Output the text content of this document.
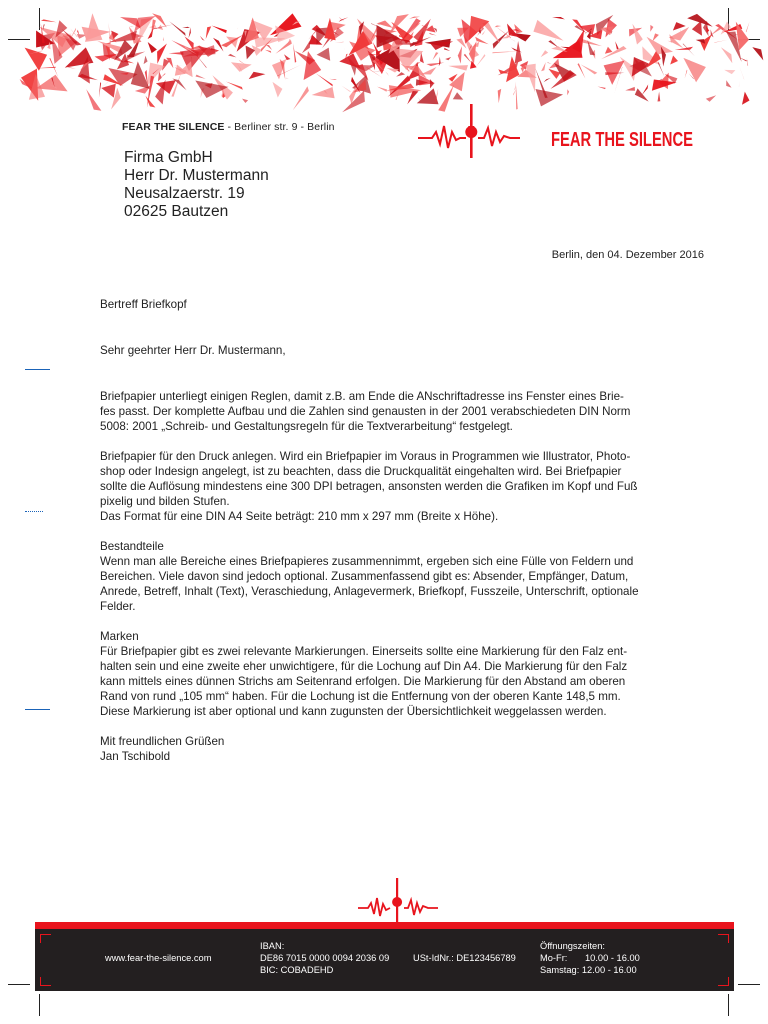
FEAR THE SILENCE - Berliner str. 9 - Berlin
FEAR THE SILENCE
Firma GmbH
Herr Dr. Mustermann
Neusalzaerstr. 19
02625 Bautzen
Berlin, den 04. Dezember 2016

Bertreff Briefkopf

Sehr geehrter Herr Dr. Mustermann,

Briefpapier unterliegt einigen Reglen, damit z.B. am Ende die ANschriftadresse ins Fenster eines Brie-

fes passt. Der komplette Aufbau und die Zahlen sind genausten in der 2001 verabschiedeten DIN Norm

5008: 2001 „Schreib- und Gestaltungsregeln für die Textverarbeitung“ festgelegt.

Briefpapier für den Druck anlegen. Wird ein Briefpapier im Voraus in Programmen wie Illustrator, Photo-

shop oder Indesign angelegt, ist zu beachten, dass die Druckqualität eingehalten wird. Bei Briefpapier

sollte die Auflösung mindestens eine 300 DPI betragen, ansonsten werden die Grafiken im Kopf und Fuß

pixelig und bilden Stufen.

Das Format für eine DIN A4 Seite beträgt: 210 mm x 297 mm (Breite x Höhe).

Bestandteile

Wenn man alle Bereiche eines Briefpapieres zusammennimmt, ergeben sich eine Fülle von Feldern und

Bereichen. Viele davon sind jedoch optional. Zusammenfassend gibt es: Absender, Empfänger, Datum,

Anrede, Betreff, Inhalt (Text), Veraschiedung, Anlagevermerk, Briefkopf, Fusszeile, Unterschrift, optionale

Felder.

Marken

Für Briefpapier gibt es zwei relevante Markierungen. Einerseits sollte eine Markierung für den Falz ent-

halten sein und eine zweite eher unwichtigere, für die Lochung auf Din A4. Die Markierung für den Falz

kann mittels eines dünnen Strichs am Seitenrand erfolgen. Die Markierung für den Abstand am oberen

Rand von rund „105 mm“ haben. Für die Lochung ist die Entfernung von der oberen Kante 148,5 mm.

Diese Markierung ist aber optional und kann zugunsten der Übersichtlichkeit weggelassen werden.

Mit freundlichen Grüßen

Jan Tschibold

www.fear-the-silence.com
IBAN:
DE86 7015 0000 0094 2036 09
BIC: COBADEHD
USt-IdNr.: DE123456789
Öffnungszeiten:
Mo-Fr: 10.00 - 16.00
Samstag: 12.00 - 16.00
